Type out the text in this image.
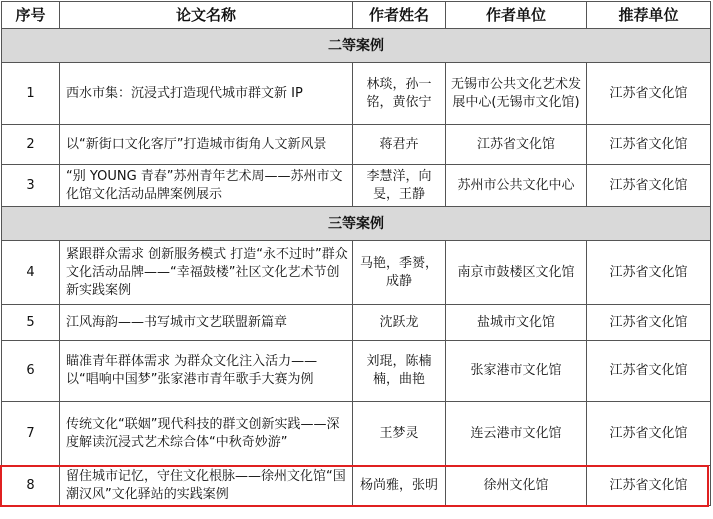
序号	论文名称	作者姓名	作者单位	推荐单位
二等案例				
1	西水市集：沉浸式打造现代城市群文新 IP	林琰，孙一铭，黄依宁	无锡市公共文化艺术发展中心(无锡市文化馆)	江苏省文化馆
2	以“新街口文化客厅”打造城市街角人文新风景	蒋君卉	江苏省文化馆	江苏省文化馆
3	“别 YOUNG 青春”苏州青年艺术周——苏州市文化馆文化活动品牌案例展示	李慧洋，向旻，王静	苏州市公共文化中心	江苏省文化馆
三等案例				
4	紧跟群众需求 创新服务模式 打造“永不过时”群众文化活动品牌——“幸福鼓楼”社区文化艺术节创新实践案例	马艳，季赟，成静	南京市鼓楼区文化馆	江苏省文化馆
5	江风海韵——书写城市文艺联盟新篇章	沈跃龙	盐城市文化馆	江苏省文化馆
6	瞄准青年群体需求 为群众文化注入活力——以“唱响中国梦”张家港市青年歌手大赛为例	刘琨，陈楠楠，曲艳	张家港市文化馆	江苏省文化馆
7	传统文化“联姻”现代科技的群文创新实践——深度解读沉浸式艺术综合体“中秋奇妙游”	王梦灵	连云港市文化馆	江苏省文化馆
8	留住城市记忆，守住文化根脉——徐州文化馆“国潮汉风”文化驿站的实践案例	杨尚雅，张明	徐州文化馆	江苏省文化馆
